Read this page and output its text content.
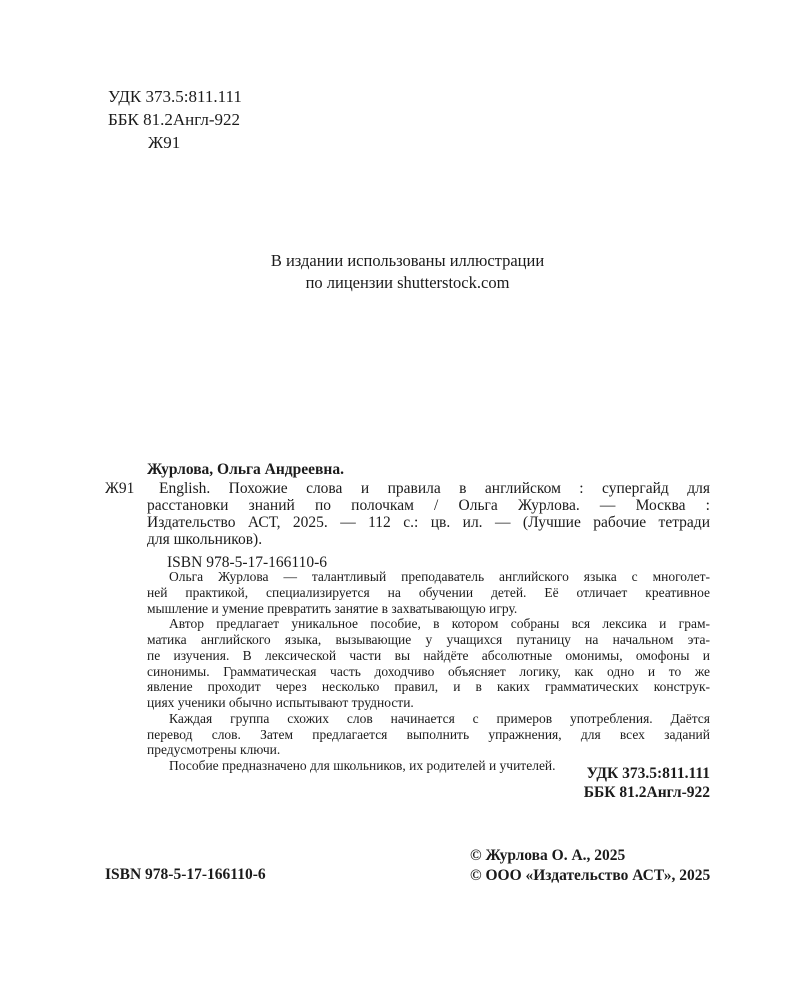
УДК 373.5:811.111
ББК 81.2Англ-922
Ж91
В издании использованы иллюстрации
по лицензии shutterstock.com
Журлова, Ольга Андреевна.
Ж91	English. Похожие слова и правила в английском : супергайд для
расстановки знаний по полочкам / Ольга Журлова. — Москва :
Издательство АСТ, 2025. — 112 с.: цв. ил. — (Лучшие рабочие тетради
для школьников).
ISBN 978-5-17-166110-6

Ольга Журлова — талантливый преподаватель английского языка с многолет-
ней практикой, специализируется на обучении детей. Её отличает креативное
мышление и умение превратить занятие в захватывающую игру.

Автор предлагает уникальное пособие, в котором собраны вся лексика и грам-
матика английского языка, вызывающие у учащихся путаницу на начальном эта-
пе изучения. В лексической части вы найдёте абсолютные омонимы, омофоны и
синонимы. Грамматическая часть доходчиво объясняет логику, как одно и то же
явление проходит через несколько правил, и в каких грамматических конструк-
циях ученики обычно испытывают трудности.

Каждая группа схожих слов начинается с примеров употребления. Даётся
перевод слов. Затем предлагается выполнить упражнения, для всех заданий
предусмотрены ключи.

Пособие предназначено для школьников, их родителей и учителей.	УДК 373.5:811.111
ББК 81.2Англ-922
ISBN 978-5-17-166110-6
© Журлова О. А., 2025
© ООО «Издательство АСТ», 2025
